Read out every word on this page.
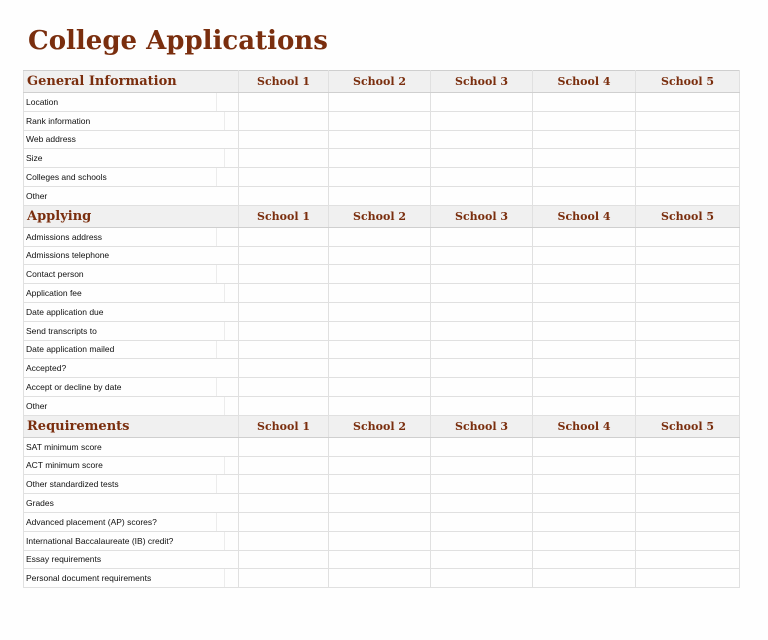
College Applications
General Information	School 1	School 2	School 3	School 4	School 5
Location

Rank information

Web address					
Size

Colleges and schools

Other					
Applying	School 1	School 2	School 3	School 4	School 5
Admissions address

Admissions telephone					
Contact person

Application fee

Date application due					
Send transcripts to

Date application mailed

Accepted?					
Accept or decline by date

Other

Requirements	School 1	School 2	School 3	School 4	School 5
SAT minimum score					
ACT minimum score

Other standardized tests

Grades					
Advanced placement (AP) scores?

International Baccalaureate (IB) credit?

Essay requirements					
Personal document requirements
